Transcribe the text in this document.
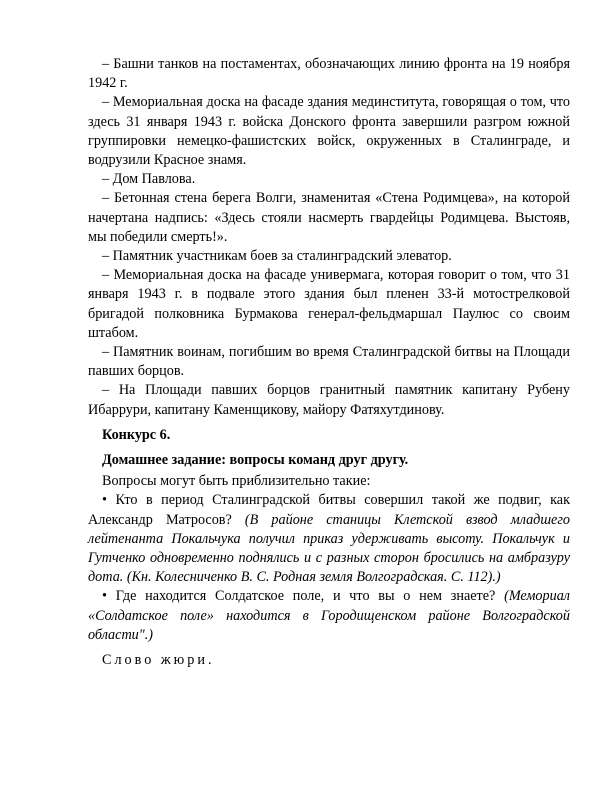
– Башни танков на постаментах, обозначающих линию фронта на 19 ноября 1942 г.

– Мемориальная доска на фасаде здания мединститута, говорящая о том, что здесь 31 января 1943 г. войска Донского фронта завершили разгром южной группировки немецко-фашистских войск, окруженных в Сталинграде, и водрузили Красное знамя.

– Дом Павлова.

– Бетонная стена берега Волги, знаменитая «Стена Родимцева», на которой начертана надпись: «Здесь стояли насмерть гвардейцы Родимцева. Выстояв, мы победили смерть!».

– Памятник участникам боев за сталинградский элеватор.

– Мемориальная доска на фасаде универмага, которая говорит о том, что 31 января 1943 г. в подвале этого здания был пленен 33-й мотострелковой бригадой полковника Бурмакова генерал-фельдмаршал Паулюс со своим штабом.

– Памятник воинам, погибшим во время Сталинградской битвы на Площади павших борцов.

– На Площади павших борцов гранитный памятник капитану Рубену Ибаррури, капитану Каменщикову, майору Фатяхутдинову.

Конкурс 6.

Домашнее задание: вопросы команд друг другу.

Вопросы могут быть приблизительно такие:

• Кто в период Сталинградской битвы совершил такой же подвиг, как Александр Матросов? (В районе станицы Клетской взвод младшего лейтенанта Покальчука получил приказ удерживать высоту. Покальчук и Гутченко одновременно поднялись и с разных сторон бросились на амбразуру дота. (Кн. Колесниченко В. С. Родная земля Волгоградская. С. 112).)

• Где находится Солдатское поле, и что вы о нем знаете? (Мемориал «Солдатское поле» находится в Городищенском районе Волгоградской области".)

Слово жюри.
